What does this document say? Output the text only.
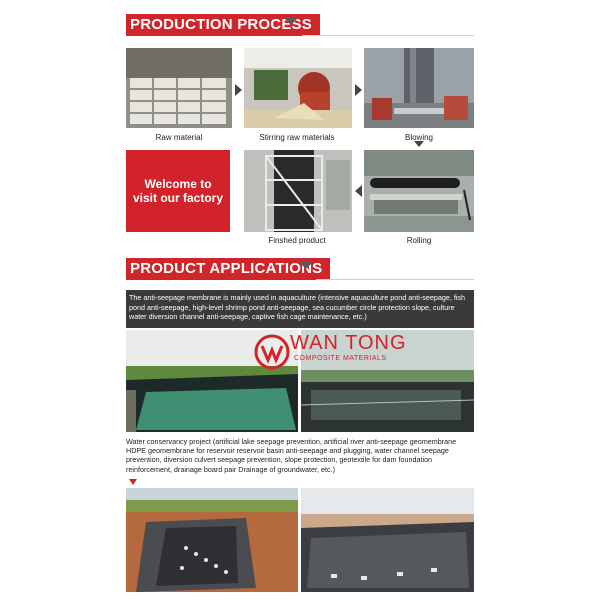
PRODUCTION PROCESS
Raw material	Stirring raw materials	Blowing
Welcome to
visit our factory
Finshed product	Rolling
PRODUCT APPLICATIONS
The anti-seepage membrane is mainly used in aquaculture (intensive aquaculture pond anti-seepage, fish pond anti-seepage, high-level shrimp pond anti-seepage, sea cucumber circle protection slope, culture water diversion channel anti-seepage, captive fish cage maintenance, etc.)
WAN TONG
COMPOSITE MATERIALS
Water conservancy project (artificial lake seepage prevention, artificial river anti-seepage geomembrane HDPE geomembrane for reservoir reservoir basin anti-seepage and plugging, water channel seepage prevention, diversion culvert seepage prevention, slope protection, geotextile for dam foundation reinforcement, drainage board pair Drainage of groundwater, etc.)
